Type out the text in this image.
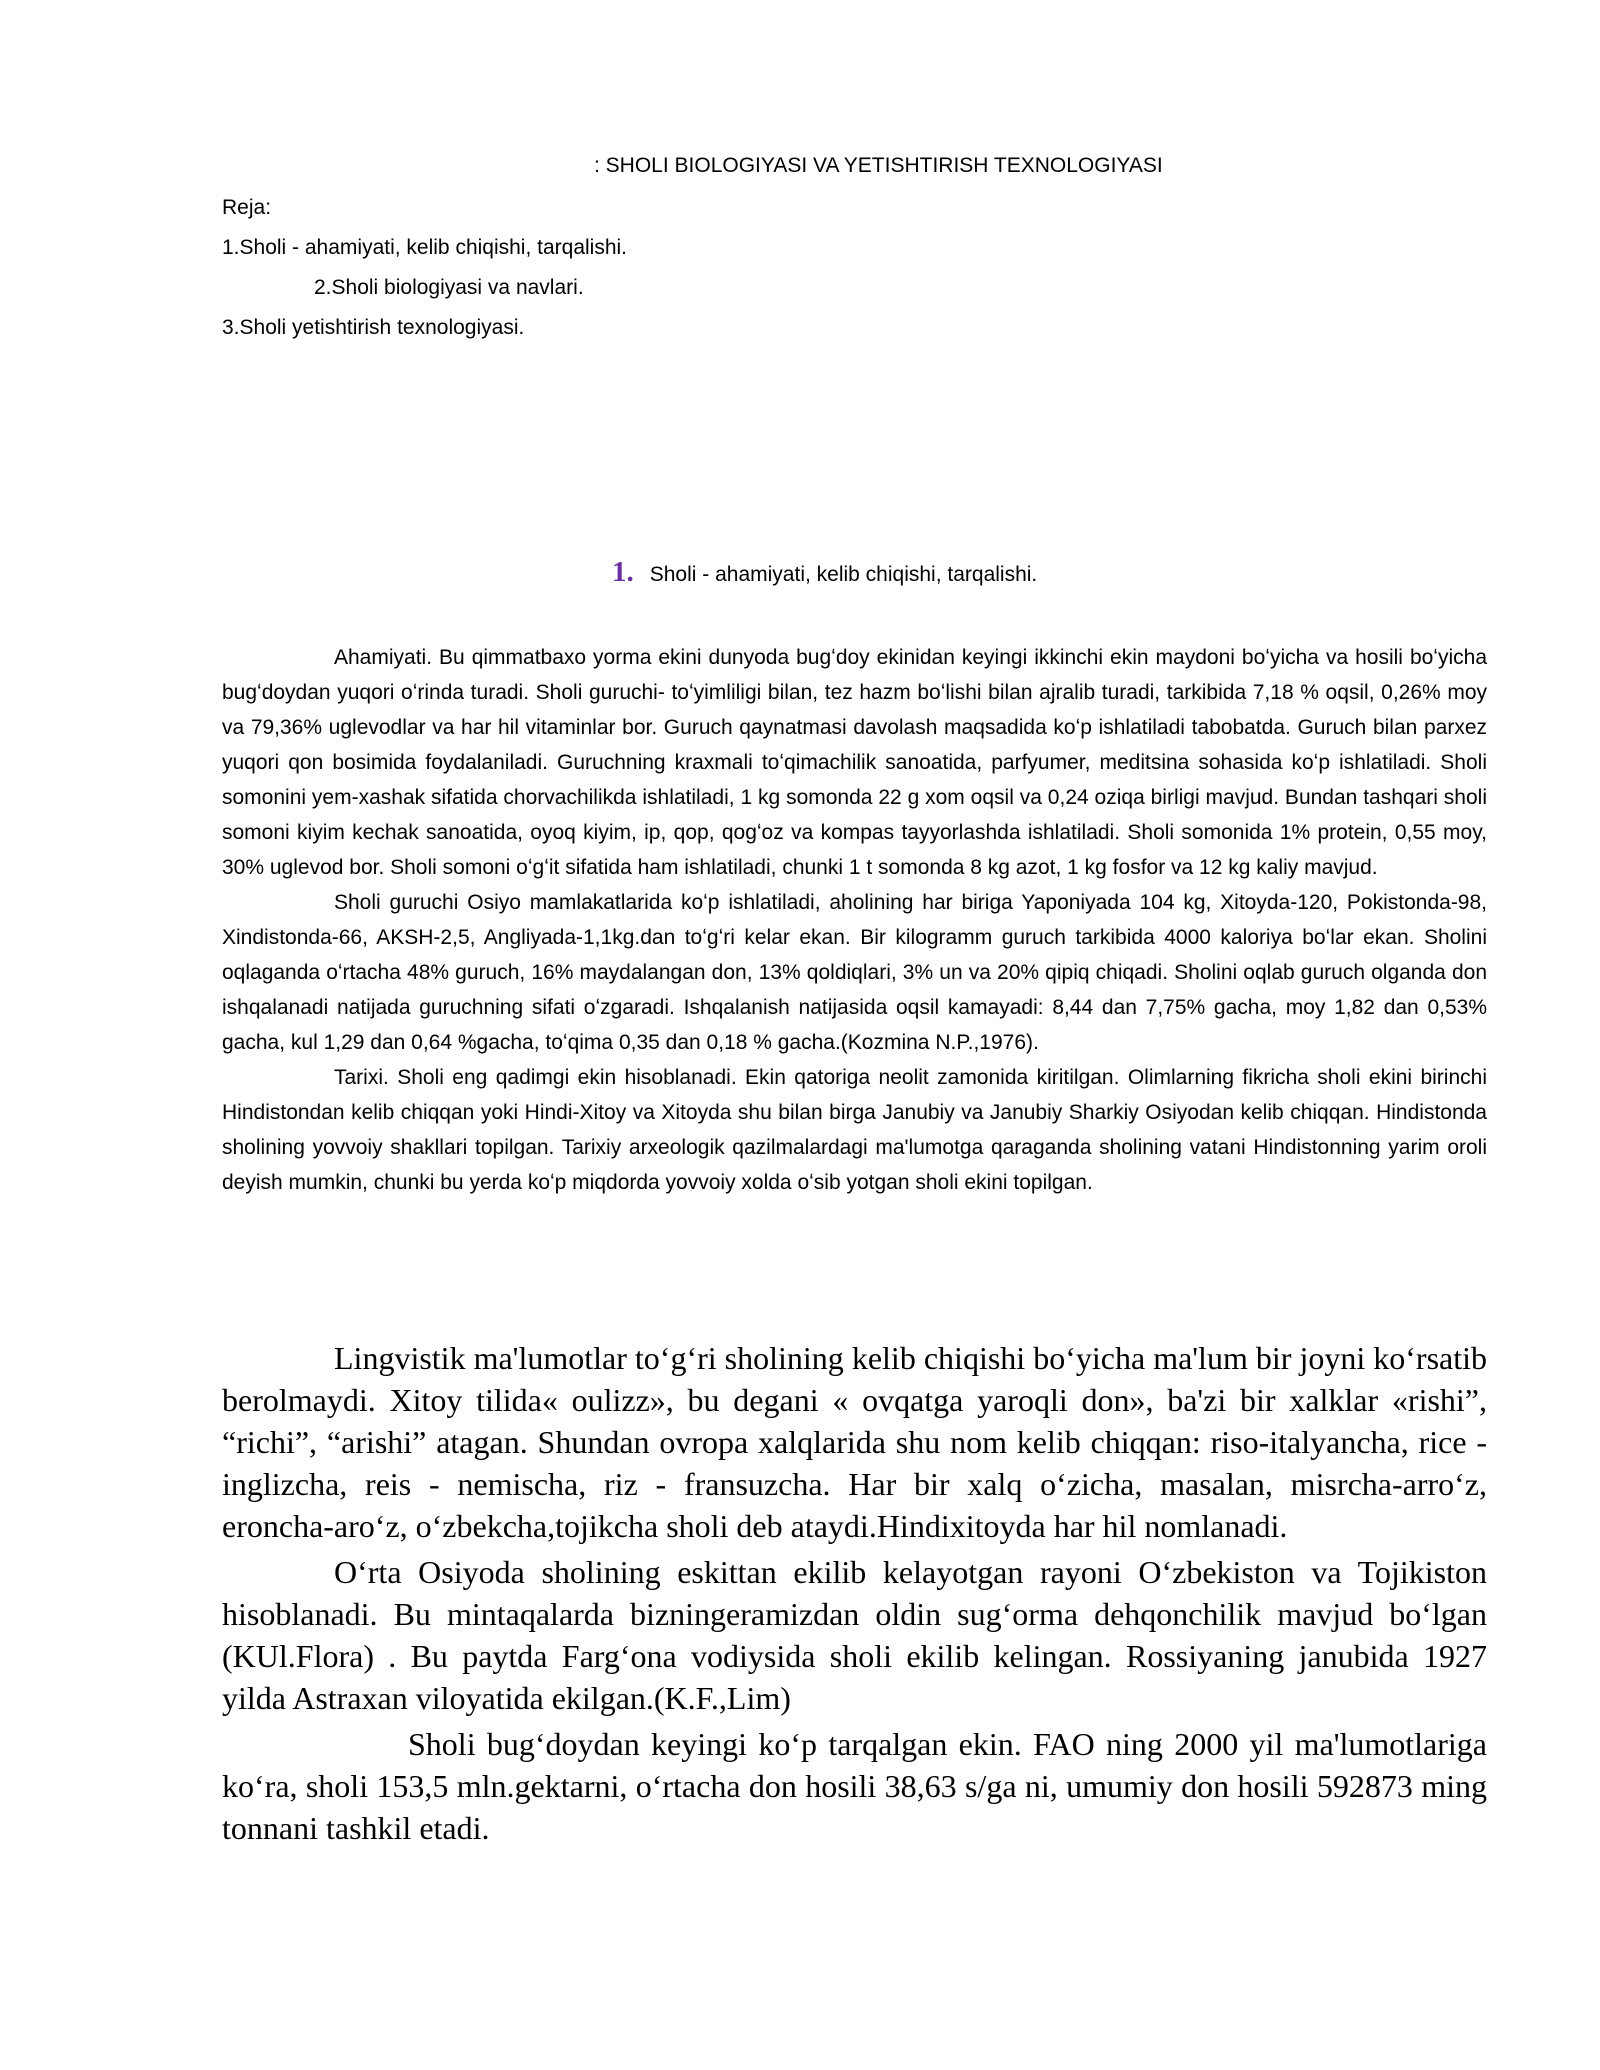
: SHOLI BIOLOGIYASI VA YETISHTIRISH TEXNOLOGIYASI
Reja:
1.Sholi - ahamiyati, kelib chiqishi, tarqalishi.
2.Sholi biologiyasi va navlari.
3.Sholi yetishtirish texnologiyasi.
1. Sholi - ahamiyati, kelib chiqishi, tarqalishi.

Ahamiyati. Bu qimmatbaxo yorma ekini dunyoda bugʻdoy ekinidan keyingi ikkinchi ekin maydoni boʻyicha va hosili boʻyicha bugʻdoydan yuqori oʻrinda turadi. Sholi guruchi- toʻyimliligi bilan, tez hazm boʻlishi bilan ajralib turadi, tarkibida 7,18 % oqsil, 0,26% moy va 79,36% uglevodlar va har hil vitaminlar bor. Guruch qaynatmasi davolash maqsadida koʻp ishlatiladi tabobatda. Guruch bilan parxez yuqori qon bosimida foydalaniladi. Guruchning kraxmali toʻqimachilik sanoatida, parfyumer, meditsina sohasida koʻp ishlatiladi. Sholi somonini yem-xashak sifatida chorvachilikda ishlatiladi, 1 kg somonda 22 g xom oqsil va 0,24 oziqa birligi mavjud. Bundan tashqari sholi somoni kiyim kechak sanoatida, oyoq kiyim, ip, qop, qogʻoz va kompas tayyorlashda ishlatiladi. Sholi somonida 1% protein, 0,55 moy, 30% uglevod bor. Sholi somoni oʻgʻit sifatida ham ishlatiladi, chunki 1 t somonda 8 kg azot, 1 kg fosfor va 12 kg kaliy mavjud.

Sholi guruchi Osiyo mamlakatlarida koʻp ishlatiladi, aholining har biriga Yaponiyada 104 kg, Xitoyda-120, Pokistonda-98, Xindistonda-66, AKSH-2,5, Angliyada-1,1kg.dan toʻgʻri kelar ekan. Bir kilogramm guruch tarkibida 4000 kaloriya boʻlar ekan. Sholini oqlaganda oʻrtacha 48% guruch, 16% maydalangan don, 13% qoldiqlari, 3% un va 20% qipiq chiqadi. Sholini oqlab guruch olganda don ishqalanadi natijada guruchning sifati oʻzgaradi. Ishqalanish natijasida oqsil kamayadi: 8,44 dan 7,75% gacha, moy 1,82 dan 0,53% gacha, kul 1,29 dan 0,64 %gacha, toʻqima 0,35 dan 0,18 % gacha.(Kozmina N.P.,1976).

Tarixi. Sholi eng qadimgi ekin hisoblanadi. Ekin qatoriga neolit zamonida kiritilgan. Olimlarning fikricha sholi ekini birinchi Hindistondan kelib chiqqan yoki Hindi-Xitoy va Xitoyda shu bilan birga Janubiy va Janubiy Sharkiy Osiyodan kelib chiqqan. Hindistonda sholining yovvoiy shakllari topilgan. Tarixiy arxeologik qazilmalardagi ma'lumotga qaraganda sholining vatani Hindistonning yarim oroli deyish mumkin, chunki bu yerda koʻp miqdorda yovvoiy xolda oʻsib yotgan sholi ekini topilgan.

Lingvistik ma'lumotlar toʻgʻri sholining kelib chiqishi boʻyicha ma'lum bir joyni koʻrsatib berolmaydi. Xitoy tilida« oulizz», bu degani « ovqatga yaroqli don», ba'zi bir xalklar «rishi”, “richi”, “arishi” atagan. Shundan ovropa xalqlarida shu nom kelib chiqqan: riso-italyancha, rice - inglizcha, reis - nemischa, riz - fransuzcha. Har bir xalq oʻzicha, masalan, misrcha-arroʻz, eroncha-aroʻz, oʻzbekcha,tojikcha sholi deb ataydi.Hindixitoyda har hil nomlanadi.

Oʻrta Osiyoda sholining eskittan ekilib kelayotgan rayoni Oʻzbekiston va Tojikiston hisoblanadi. Bu mintaqalarda bizningeramizdan oldin sugʻorma dehqonchilik mavjud boʻlgan (KUl.Flora) . Bu paytda Fargʻona vodiysida sholi ekilib kelingan. Rossiyaning janubida 1927 yilda Astraxan viloyatida ekilgan.(K.F.,Lim)

Sholi bugʻdoydan keyingi koʻp tarqalgan ekin. FAO ning 2000 yil ma'lumotlariga koʻra, sholi 153,5 mln.gektarni, oʻrtacha don hosili 38,63 s/ga ni, umumiy don hosili 592873 ming tonnani tashkil etadi.
